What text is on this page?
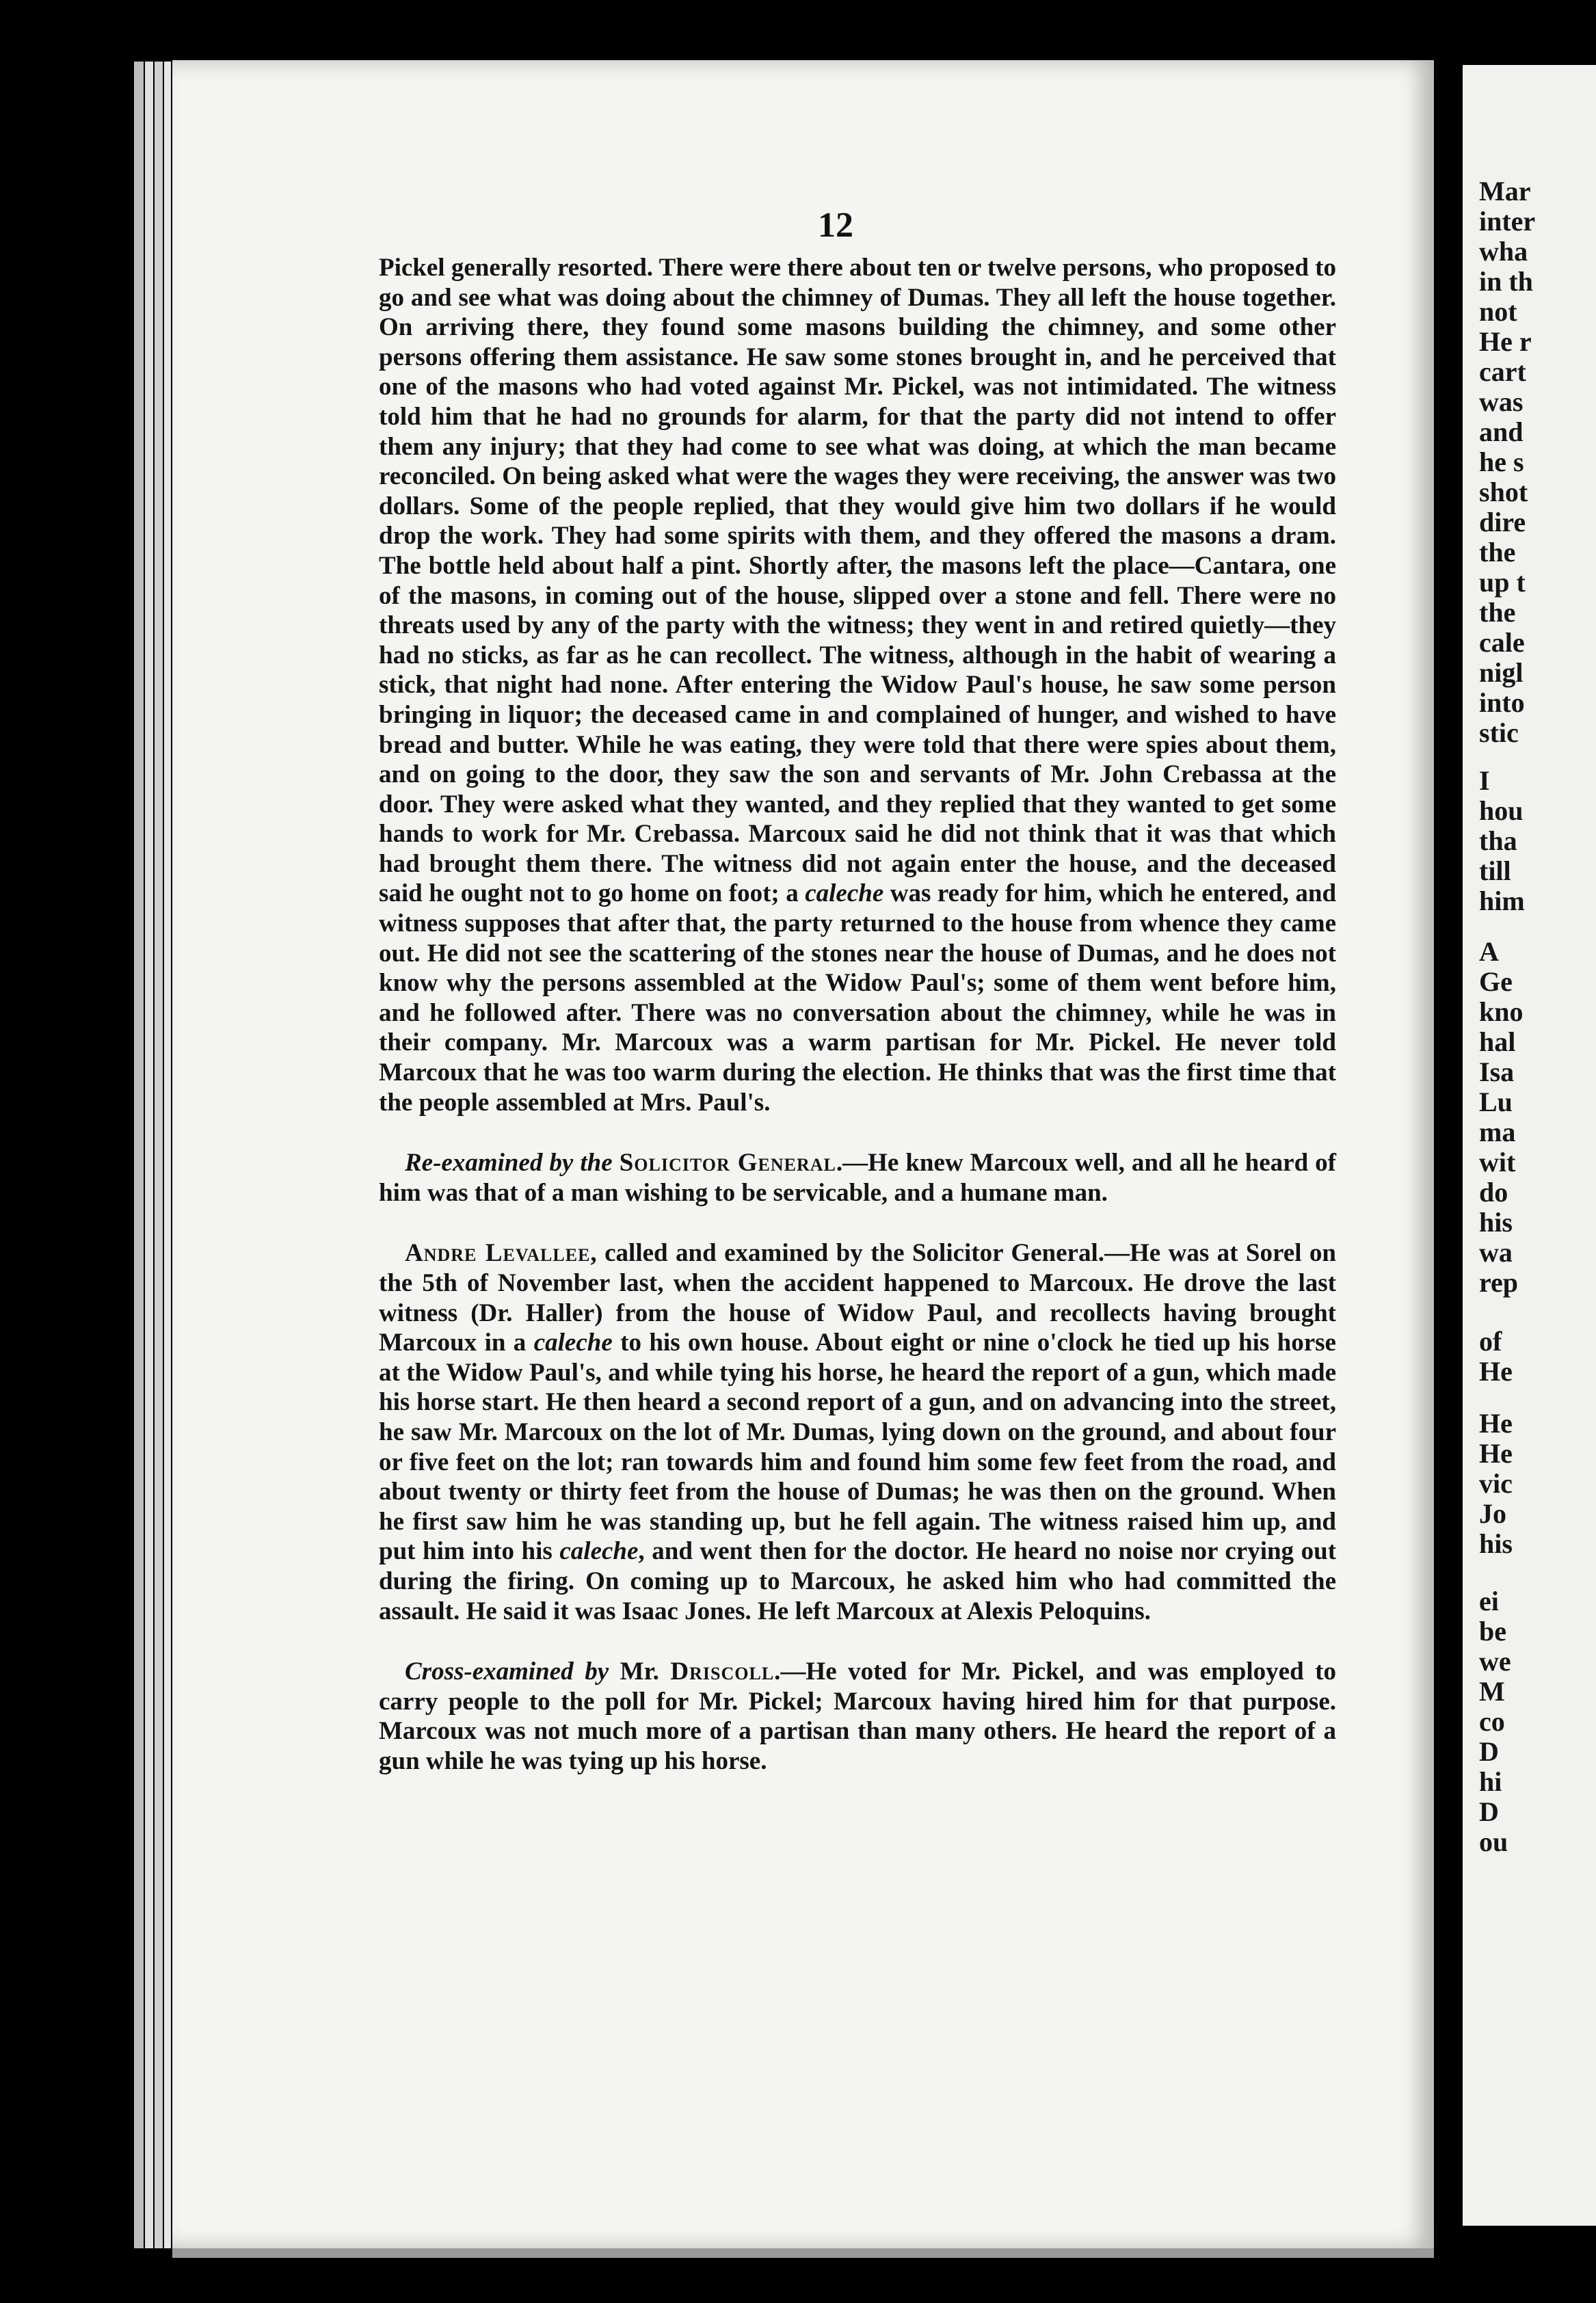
Mar
inter
wha
in th
not
He r
cart
was
and
he s
shot
dire
the
up t
the
cale
nigl
into
stic
I
hou
tha
till
him
A
Ge
kno
hal
Isa
Lu
ma
wit
do
his
wa
rep
of
He
He
He
vic
Jo
his
ei
be
we
M
co
D
hi
D
ou
12

Pickel generally resorted. There were there about ten or twelve persons, who proposed to go and see what was doing about the chimney of Dumas. They all left the house together. On arriving there, they found some masons building the chimney, and some other persons offering them assistance. He saw some stones brought in, and he perceived that one of the masons who had voted against Mr. Pickel, was not intimidated. The witness told him that he had no grounds for alarm, for that the party did not intend to offer them any injury; that they had come to see what was doing, at which the man became reconciled. On being asked what were the wages they were receiving, the answer was two dollars. Some of the people replied, that they would give him two dollars if he would drop the work. They had some spirits with them, and they offered the masons a dram. The bottle held about half a pint. Shortly after, the masons left the place—Cantara, one of the masons, in coming out of the house, slipped over a stone and fell. There were no threats used by any of the party with the witness; they went in and retired quietly—they had no sticks, as far as he can recollect. The witness, although in the habit of wearing a stick, that night had none. After entering the Widow Paul's house, he saw some person bringing in liquor; the deceased came in and complained of hunger, and wished to have bread and butter. While he was eating, they were told that there were spies about them, and on going to the door, they saw the son and servants of Mr. John Crebassa at the door. They were asked what they wanted, and they replied that they wanted to get some hands to work for Mr. Crebassa. Marcoux said he did not think that it was that which had brought them there. The witness did not again enter the house, and the deceased said he ought not to go home on foot; a caleche was ready for him, which he entered, and witness supposes that after that, the party returned to the house from whence they came out. He did not see the scattering of the stones near the house of Dumas, and he does not know why the persons assembled at the Widow Paul's; some of them went before him, and he followed after. There was no conversation about the chimney, while he was in their company. Mr. Marcoux was a warm partisan for Mr. Pickel. He never told Marcoux that he was too warm during the election. He thinks that was the first time that the people assembled at Mrs. Paul's.

Re-examined by the Solicitor General.—He knew Marcoux well, and all he heard of him was that of a man wishing to be servicable, and a humane man.

Andre Levallee, called and examined by the Solicitor General.—He was at Sorel on the 5th of November last, when the accident happened to Marcoux. He drove the last witness (Dr. Haller) from the house of Widow Paul, and recollects having brought Marcoux in a caleche to his own house. About eight or nine o'clock he tied up his horse at the Widow Paul's, and while tying his horse, he heard the report of a gun, which made his horse start. He then heard a second report of a gun, and on advancing into the street, he saw Mr. Marcoux on the lot of Mr. Dumas, lying down on the ground, and about four or five feet on the lot; ran towards him and found him some few feet from the road, and about twenty or thirty feet from the house of Dumas; he was then on the ground. When he first saw him he was standing up, but he fell again. The witness raised him up, and put him into his caleche, and went then for the doctor. He heard no noise nor crying out during the firing. On coming up to Marcoux, he asked him who had committed the assault. He said it was Isaac Jones. He left Marcoux at Alexis Peloquins.

Cross-examined by Mr. Driscoll.—He voted for Mr. Pickel, and was employed to carry people to the poll for Mr. Pickel; Marcoux having hired him for that purpose. Marcoux was not much more of a partisan than many others. He heard the report of a gun while he was tying up his horse.
